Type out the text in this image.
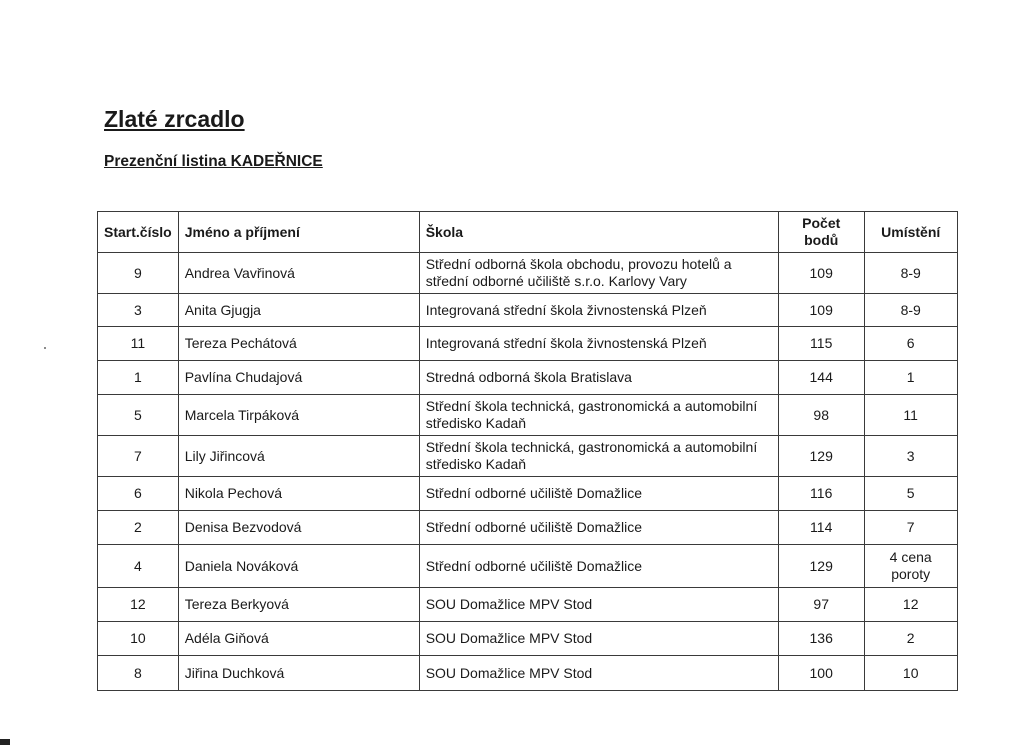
Zlaté zrcadlo
Prezenční listina KADEŘNICE
Start.číslo	Jméno a příjmení	Škola	Počet bodů	Umístění
9	Andrea Vavřinová	Střední odborná škola obchodu, provozu hotelů a střední odborné učiliště s.r.o. Karlovy Vary	109	8-9
3	Anita Gjugja	Integrovaná střední škola živnostenská Plzeň	109	8-9
11	Tereza Pechátová	Integrovaná střední škola živnostenská Plzeň	115	6
1	Pavlína Chudajová	Stredná odborná škola Bratislava	144	1
5	Marcela Tirpáková	Střední škola technická, gastronomická a automobilní středisko Kadaň	98	11
7	Lily Jiřincová	Střední škola technická, gastronomická a automobilní středisko Kadaň	129	3
6	Nikola Pechová	Střední odborné učiliště Domažlice	116	5
2	Denisa Bezvodová	Střední odborné učiliště Domažlice	114	7
4	Daniela Nováková	Střední odborné učiliště Domažlice	129	4 cena poroty
12	Tereza Berkyová	SOU Domažlice MPV Stod	97	12
10	Adéla Giňová	SOU Domažlice MPV Stod	136	2
8	Jiřina Duchková	SOU Domažlice MPV Stod	100	10
